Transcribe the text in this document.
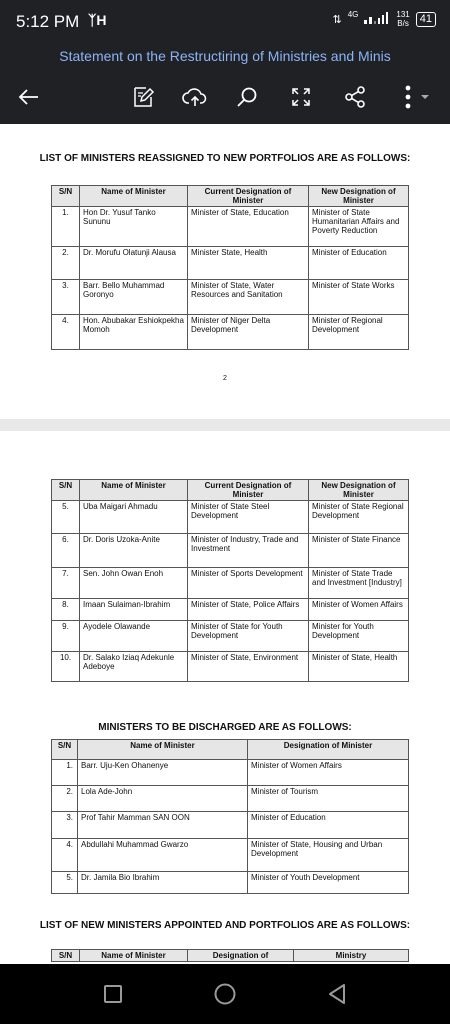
5:12 PM ᛉH	⇅ 4G	131
B/s 41
Statement on the Restructiring of Ministries and Minis
LIST OF MINISTERS REASSIGNED TO NEW PORTFOLIOS ARE AS FOLLOWS:
S/N	Name of Minister	Current Designation of Minister	New Designation of Minister
1.	Hon Dr. Yusuf Tanko Sununu	Minister of State, Education	Minister of State Humanitarian Affairs and Poverty Reduction
2.	Dr. Morufu Olatunji Alausa	Minister State, Health	Minister of Education
3.	Barr. Bello Muhammad Goronyo	Minister of State, Water Resources and Sanitation	Minister of State Works
4.	Hon. Abubakar Eshiokpekha Momoh	Minister of Niger Delta Development	Minister of Regional Development
2
S/N	Name of Minister	Current Designation of Minister	New Designation of Minister
5.	Uba Maigari Ahmadu	Minister of State Steel Development	Minister of State Regional Development
6.	Dr. Doris Uzoka-Anite	Minister of Industry, Trade and Investment	Minister of State Finance
7.	Sen. John Owan Enoh	Minister of Sports Development	Minister of State Trade and Investment [Industry]
8.	Imaan Sulaiman-Ibrahim	Minister of State, Police Affairs	Minister of Women Affairs
9.	Ayodele Olawande	Minister of State for Youth Development	Minister for Youth Development
10.	Dr. Salako Iziaq Adekunle Adeboye	Minister of State, Environment	Minister of State, Health
MINISTERS TO BE DISCHARGED ARE AS FOLLOWS:
S/N	Name of Minister	Designation of Minister
1.	Barr. Uju-Ken Ohanenye	Minister of Women Affairs
2.	Lola Ade-John	Minister of Tourism
3.	Prof Tahir Mamman SAN OON	Minister of Education
4.	Abdullahi Muhammad Gwarzo	Minister of State, Housing and Urban Development
5.	Dr. Jamila Bio Ibrahim	Minister of Youth Development
LIST OF NEW MINISTERS APPOINTED AND PORTFOLIOS ARE AS FOLLOWS:
S/N	Name of Minister	Designation of	Ministry
